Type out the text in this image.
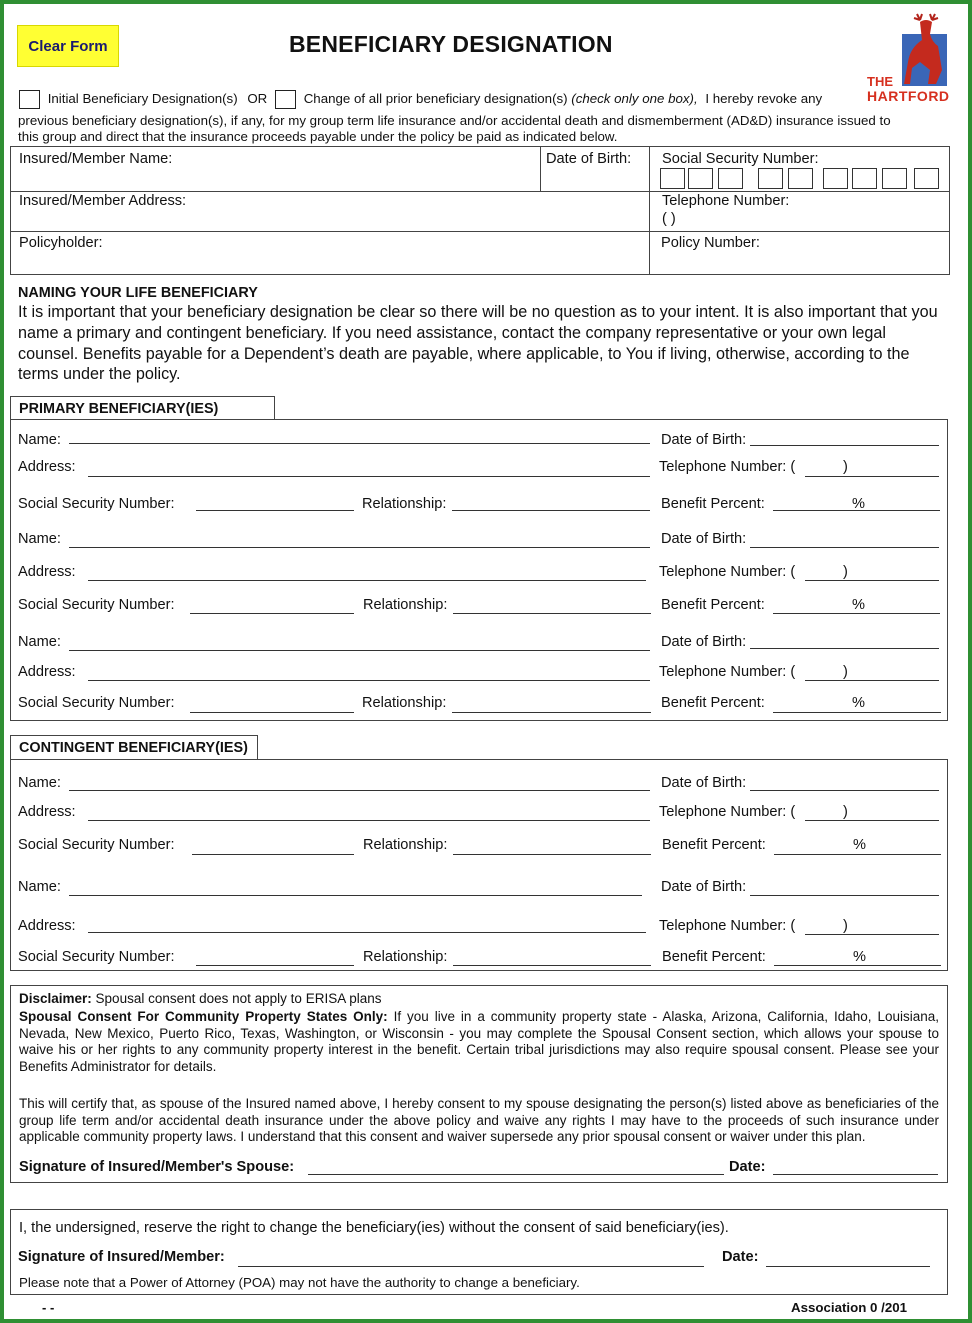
Clear Form	BENEFICIARY DESIGNATION
THE
HARTFORD
Initial Beneficiary Designation(s) OR	Change of all prior beneficiary designation(s) (check only one box), I hereby revoke any
previous beneficiary designation(s), if any, for my group term life insurance and/or accidental death and dismemberment (AD&D) insurance issued to
this group and direct that the insurance proceeds payable under the policy be paid as indicated below.
Insured/Member Name:	Date of Birth: Social Security Number:
Insured/Member Address:	Telephone Number:
( )
Policyholder:	Policy Number:
NAMING YOUR LIFE BENEFICIARY
It is important that your beneficiary designation be clear so there will be no question as to your intent. It is also important that you name a primary and contingent beneficiary. If you need assistance, contact the company representative or your own legal counsel. Benefits payable for a Dependent’s death are payable, where applicable, to You if living, otherwise, according to the terms under the policy.
PRIMARY BENEFICIARY(IES)
Name:	Date of Birth:
Address:	Telephone Number: (	)
Social Security Number:	Relationship:	Benefit Percent:	%
Name:	Date of Birth:
Address:	Telephone Number: (	)
Social Security Number:	Relationship:	Benefit Percent:	%
Name:	Date of Birth:
Address:	Telephone Number: (	)
Social Security Number:	Relationship:	Benefit Percent:	%
CONTINGENT BENEFICIARY(IES)
Name:	Date of Birth:
Address:	Telephone Number: (	)
Social Security Number:	Relationship:	Benefit Percent:	%
Name:	Date of Birth:
Address:	Telephone Number: (	)
Social Security Number:	Relationship:	Benefit Percent:	%
Disclaimer: Spousal consent does not apply to ERISA plans
Spousal Consent For Community Property States Only: If you live in a community property state - Alaska, Arizona, California, Idaho, Louisiana, Nevada, New Mexico, Puerto Rico, Texas, Washington, or Wisconsin - you may complete the Spousal Consent section, which allows your spouse to waive his or her rights to any community property interest in the benefit. Certain tribal jurisdictions may also require spousal consent. Please see your Benefits Administrator for details.
This will certify that, as spouse of the Insured named above, I hereby consent to my spouse designating the person(s) listed above as beneficiaries of the group life term and/or accidental death insurance under the above policy and waive any rights I may have to the proceeds of such insurance under applicable community property laws. I understand that this consent and waiver supersede any prior spousal consent or waiver under this plan.
Signature of Insured/Member's Spouse:	Date:
I, the undersigned, reserve the right to change the beneficiary(ies) without the consent of said beneficiary(ies).
Signature of Insured/Member:	Date:
Please note that a Power of Attorney (POA) may not have the authority to change a beneficiary.
- -	Association 0 /201
